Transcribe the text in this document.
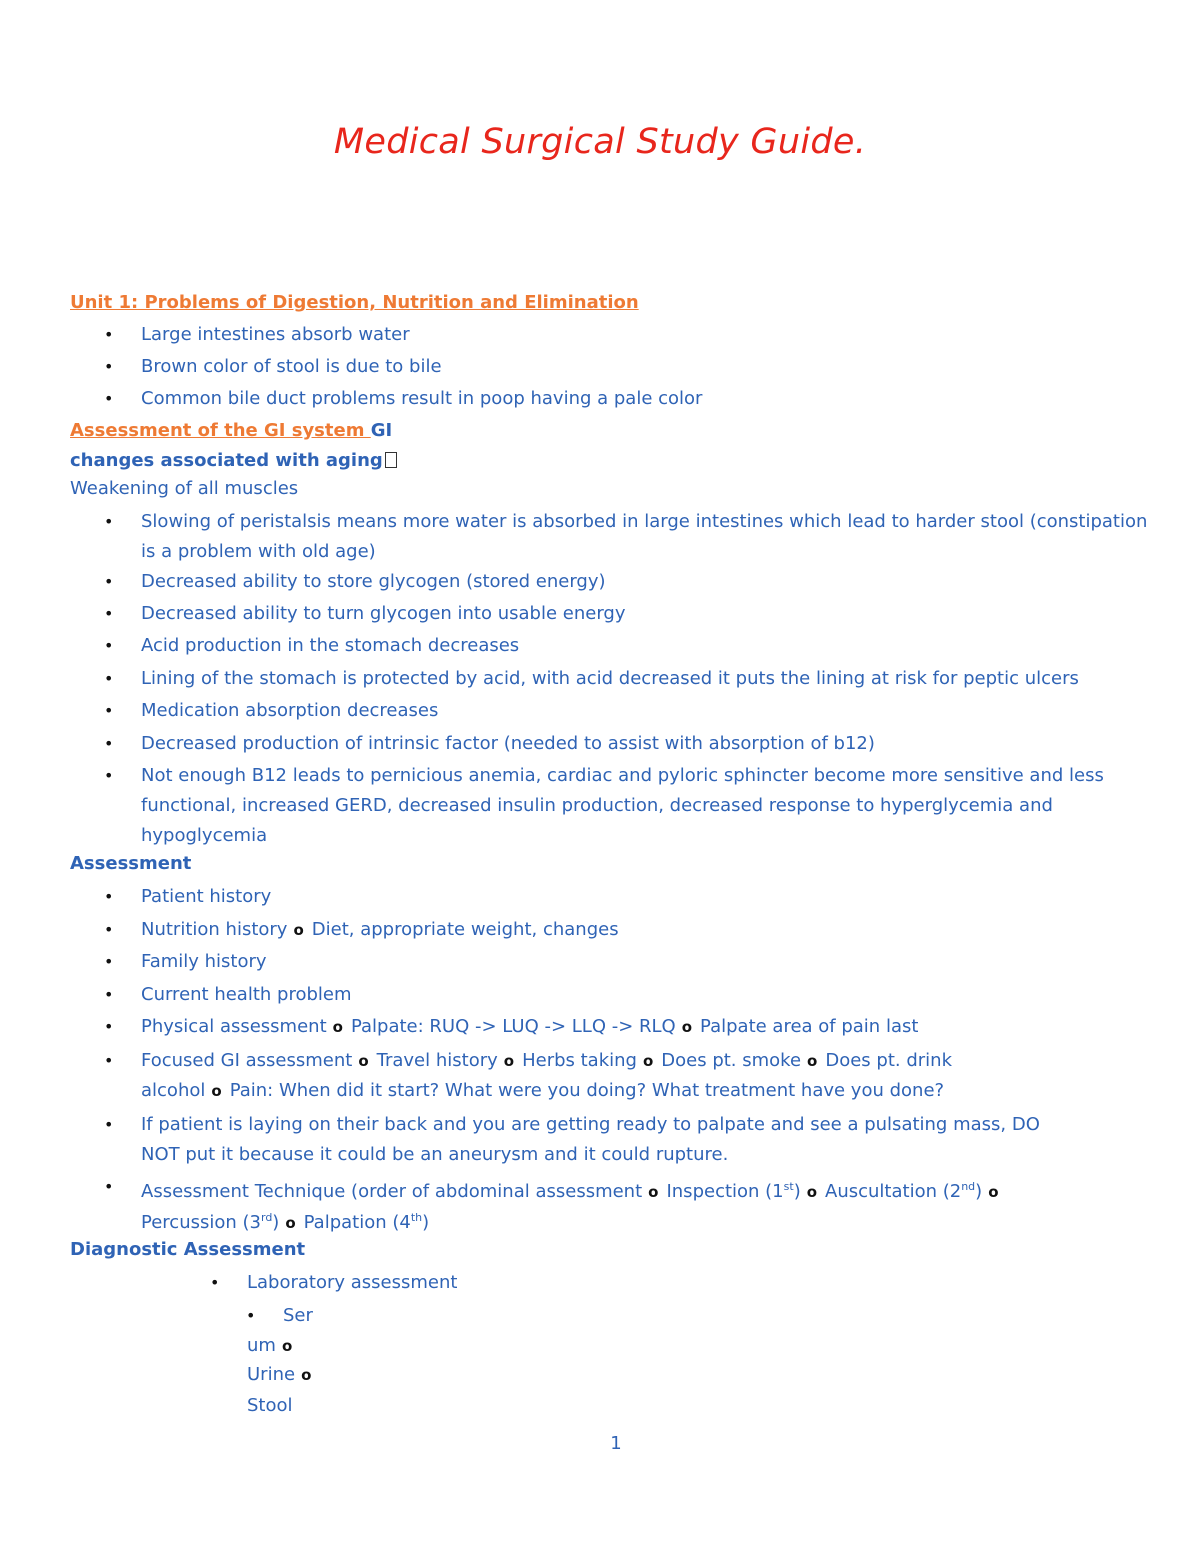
Medical Surgical Study Guide.
Unit 1: Problems of Digestion, Nutrition and Elimination
• Large intestines absorb water
• Brown color of stool is due to bile
• Common bile duct problems result in poop having a pale color
Assessment of the GI system GI
changes associated with aging
Weakening of all muscles
• Slowing of peristalsis means more water is absorbed in large intestines which lead to harder stool (constipation
is a problem with old age)
• Decreased ability to store glycogen (stored energy)
• Decreased ability to turn glycogen into usable energy
• Acid production in the stomach decreases
• Lining of the stomach is protected by acid, with acid decreased it puts the lining at risk for peptic ulcers
• Medication absorption decreases
• Decreased production of intrinsic factor (needed to assist with absorption of b12)
• Not enough B12 leads to pernicious anemia, cardiac and pyloric sphincter become more sensitive and less
functional, increased GERD, decreased insulin production, decreased response to hyperglycemia and
hypoglycemia
Assessment
• Patient history
• Nutrition history o Diet, appropriate weight, changes
• Family history
• Current health problem
• Physical assessment o Palpate: RUQ -> LUQ -> LLQ -> RLQ o Palpate area of pain last
• Focused GI assessment o Travel history o Herbs taking o Does pt. smoke o Does pt. drink
alcohol o Pain: When did it start? What were you doing? What treatment have you done?
• If patient is laying on their back and you are getting ready to palpate and see a pulsating mass, DO
NOT put it because it could be an aneurysm and it could rupture.
• Assessment Technique (order of abdominal assessment o Inspection (1st) o Auscultation (2nd) o
Percussion (3rd) o Palpation (4th)
Diagnostic Assessment
• Laboratory assessment
• Ser
um o
Urine o
Stool
1
